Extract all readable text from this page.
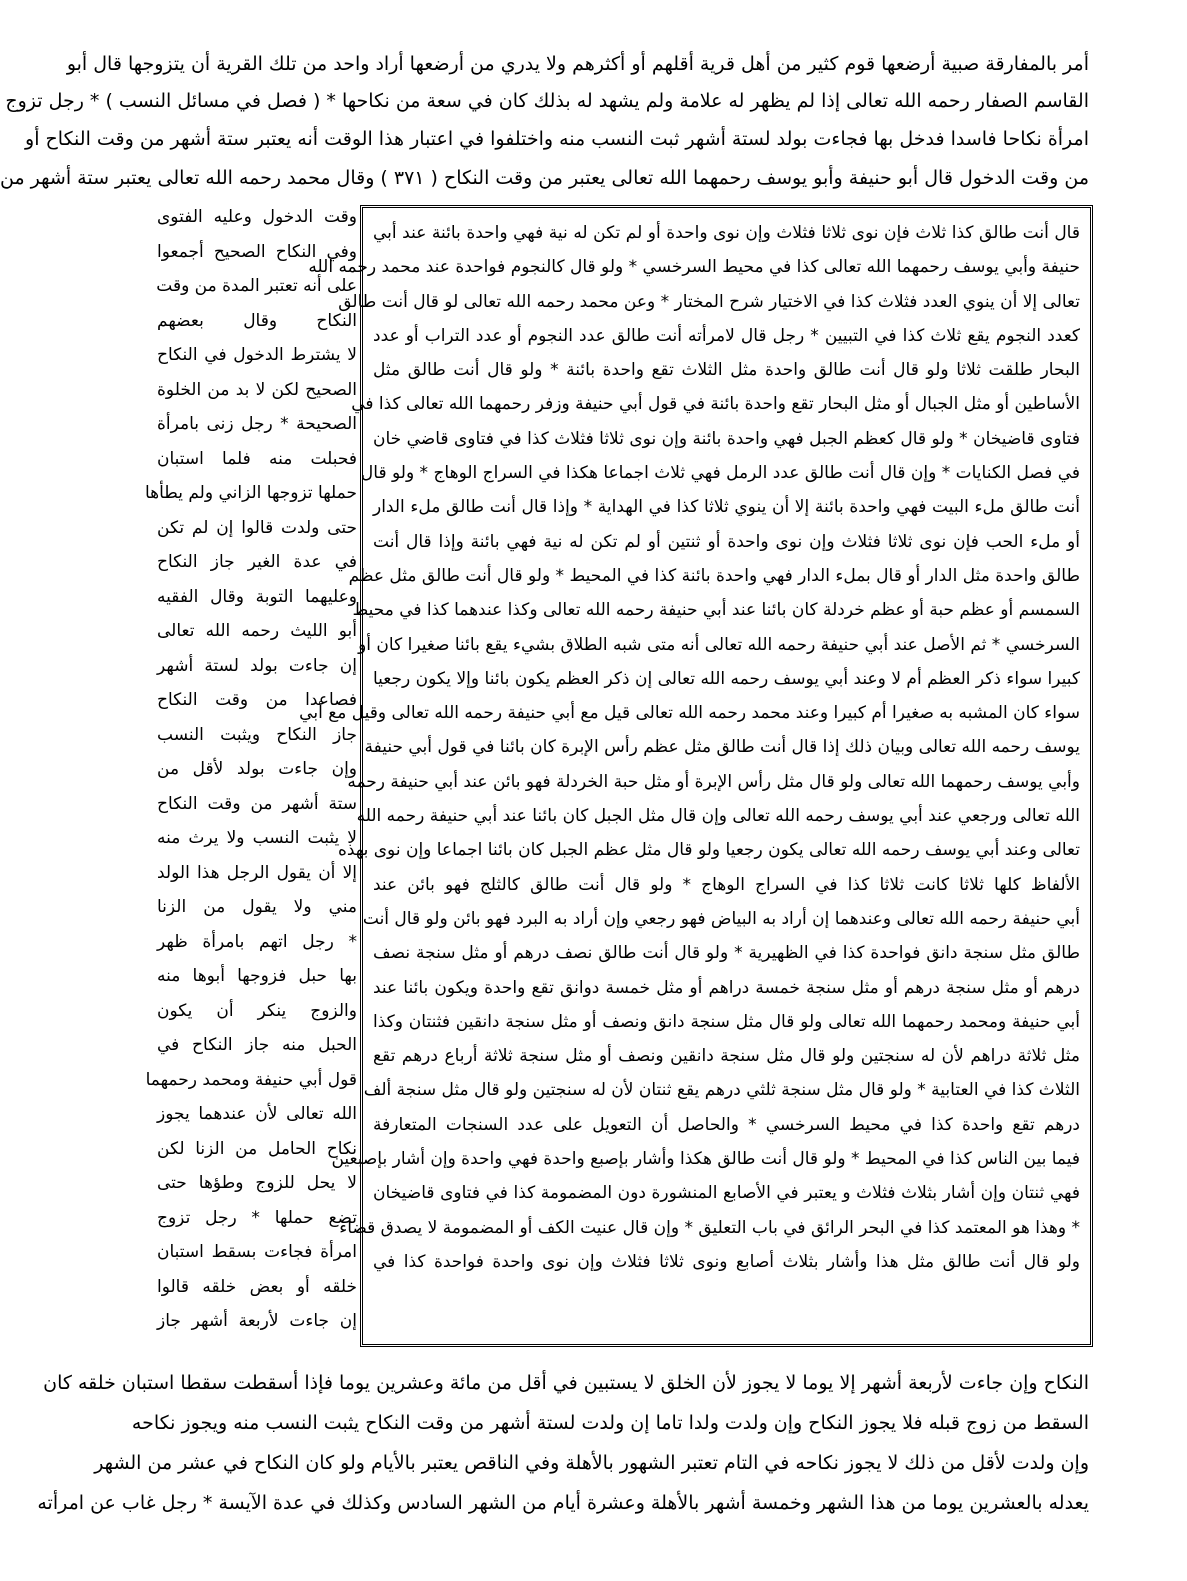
أمر بالمفارقة صبية أرضعها قوم كثير من أهل قرية أقلهم أو أكثرهم ولا يدري من أرضعها أراد واحد من تلك القرية أن يتزوجها قال أبو

القاسم الصفار رحمه الله تعالى إذا لم يظهر له علامة ولم يشهد له بذلك كان في سعة من نكاحها * ( فصل في مسائل النسب ) * رجل تزوج

امرأة نكاحا فاسدا فدخل بها فجاءت بولد لستة أشهر ثبت النسب منه واختلفوا في اعتبار هذا الوقت أنه يعتبر ستة أشهر من وقت النكاح أو

من وقت الدخول قال أبو حنيفة وأبو يوسف رحمهما الله تعالى يعتبر من وقت النكاح ( ٣٧١ ) وقال محمد رحمه الله تعالى يعتبر ستة أشهر من

وقت الدخول وعليه الفتوى

وفي النكاح الصحيح أجمعوا

على أنه تعتبر المدة من وقت

النكاح وقال بعضهم

لا يشترط الدخول في النكاح

الصحيح لكن لا بد من الخلوة

الصحيحة * رجل زنى بامرأة

فحبلت منه فلما استبان

حملها تزوجها الزاني ولم يطأها

حتى ولدت قالوا إن لم تكن

في عدة الغير جاز النكاح

وعليهما التوبة وقال الفقيه

أبو الليث رحمه الله تعالى

إن جاءت بولد لستة أشهر

فصاعدا من وقت النكاح

جاز النكاح ويثبت النسب

وإن جاءت بولد لأقل من

ستة أشهر من وقت النكاح

لا يثبت النسب ولا يرث منه

إلا أن يقول الرجل هذا الولد

مني ولا يقول من الزنا

* رجل اتهم بامرأة ظهر

بها حبل فزوجها أبوها منه

والزوج ينكر أن يكون

الحبل منه جاز النكاح في

قول أبي حنيفة ومحمد رحمهما

الله تعالى لأن عندهما يجوز

نكاح الحامل من الزنا لكن

لا يحل للزوج وطؤها حتى

تضع حملها * رجل تزوج

امرأة فجاءت بسقط استبان

خلقه أو بعض خلقه قالوا

إن جاءت لأربعة أشهر جاز

قال أنت طالق كذا ثلاث فإن نوى ثلاثا فثلاث وإن نوى واحدة أو لم تكن له نية فهي واحدة بائنة عند أبي

حنيفة وأبي يوسف رحمهما الله تعالى كذا في محيط السرخسي * ولو قال كالنجوم فواحدة عند محمد رحمه الله

تعالى إلا أن ينوي العدد فثلاث كذا في الاختيار شرح المختار * وعن محمد رحمه الله تعالى لو قال أنت طالق

كعدد النجوم يقع ثلاث كذا في التبيين * رجل قال لامرأته أنت طالق عدد النجوم أو عدد التراب أو عدد

البحار طلقت ثلاثا ولو قال أنت طالق واحدة مثل الثلاث تقع واحدة بائنة * ولو قال أنت طالق مثل

الأساطين أو مثل الجبال أو مثل البحار تقع واحدة بائنة في قول أبي حنيفة وزفر رحمهما الله تعالى كذا في

فتاوى قاضيخان * ولو قال كعظم الجبل فهي واحدة بائنة وإن نوى ثلاثا فثلاث كذا في فتاوى قاضي خان

في فصل الكنايات * وإن قال أنت طالق عدد الرمل فهي ثلاث اجماعا هكذا في السراج الوهاج * ولو قال

أنت طالق ملء البيت فهي واحدة بائنة إلا أن ينوي ثلاثا كذا في الهداية * وإذا قال أنت طالق ملء الدار

أو ملء الحب فإن نوى ثلاثا فثلاث وإن نوى واحدة أو ثنتين أو لم تكن له نية فهي بائنة وإذا قال أنت

طالق واحدة مثل الدار أو قال بملء الدار فهي واحدة بائنة كذا في المحيط * ولو قال أنت طالق مثل عظم

السمسم أو عظم حبة أو عظم خردلة كان بائنا عند أبي حنيفة رحمه الله تعالى وكذا عندهما كذا في محيط

السرخسي * ثم الأصل عند أبي حنيفة رحمه الله تعالى أنه متى شبه الطلاق بشيء يقع بائنا صغيرا كان أو

كبيرا سواء ذكر العظم أم لا وعند أبي يوسف رحمه الله تعالى إن ذكر العظم يكون بائنا وإلا يكون رجعيا

سواء كان المشبه به صغيرا أم كبيرا وعند محمد رحمه الله تعالى قيل مع أبي حنيفة رحمه الله تعالى وقيل مع أبي

يوسف رحمه الله تعالى وبيان ذلك إذا قال أنت طالق مثل عظم رأس الإبرة كان بائنا في قول أبي حنيفة

وأبي يوسف رحمهما الله تعالى ولو قال مثل رأس الإبرة أو مثل حبة الخردلة فهو بائن عند أبي حنيفة رحمه

الله تعالى ورجعي عند أبي يوسف رحمه الله تعالى وإن قال مثل الجبل كان بائنا عند أبي حنيفة رحمه الله

تعالى وعند أبي يوسف رحمه الله تعالى يكون رجعيا ولو قال مثل عظم الجبل كان بائنا اجماعا وإن نوى بهذه

الألفاظ كلها ثلاثا كانت ثلاثا كذا في السراج الوهاج * ولو قال أنت طالق كالثلج فهو بائن عند

أبي حنيفة رحمه الله تعالى وعندهما إن أراد به البياض فهو رجعي وإن أراد به البرد فهو بائن ولو قال أنت

طالق مثل سنجة دانق فواحدة كذا في الظهيرية * ولو قال أنت طالق نصف درهم أو مثل سنجة نصف

درهم أو مثل سنجة درهم أو مثل سنجة خمسة دراهم أو مثل خمسة دوانق تقع واحدة ويكون بائنا عند

أبي حنيفة ومحمد رحمهما الله تعالى ولو قال مثل سنجة دانق ونصف أو مثل سنجة دانقين فثنتان وكذا

مثل ثلاثة دراهم لأن له سنجتين ولو قال مثل سنجة دانقين ونصف أو مثل سنجة ثلاثة أرباع درهم تقع

الثلاث كذا في العتابية * ولو قال مثل سنجة ثلثي درهم يقع ثنتان لأن له سنجتين ولو قال مثل سنجة ألف

درهم تقع واحدة كذا في محيط السرخسي * والحاصل أن التعويل على عدد السنجات المتعارفة

فيما بين الناس كذا في المحيط * ولو قال أنت طالق هكذا وأشار بإصبع واحدة فهي واحدة وإن أشار بإصبعين

فهي ثنتان وإن أشار بثلاث فثلاث و يعتبر في الأصابع المنشورة دون المضمومة كذا في فتاوى قاضيخان

* وهذا هو المعتمد كذا في البحر الرائق في باب التعليق * وإن قال عنيت الكف أو المضمومة لا يصدق قضاء

ولو قال أنت طالق مثل هذا وأشار بثلاث أصابع ونوى ثلاثا فثلاث وإن نوى واحدة فواحدة كذا في

النكاح وإن جاءت لأربعة أشهر إلا يوما لا يجوز لأن الخلق لا يستبين في أقل من مائة وعشرين يوما فإذا أسقطت سقطا استبان خلقه كان

السقط من زوج قبله فلا يجوز النكاح وإن ولدت ولدا تاما إن ولدت لستة أشهر من وقت النكاح يثبت النسب منه ويجوز نكاحه

وإن ولدت لأقل من ذلك لا يجوز نكاحه في التام تعتبر الشهور بالأهلة وفي الناقص يعتبر بالأيام ولو كان النكاح في عشر من الشهر

يعدله بالعشرين يوما من هذا الشهر وخمسة أشهر بالأهلة وعشرة أيام من الشهر السادس وكذلك في عدة الآيسة * رجل غاب عن امرأته
